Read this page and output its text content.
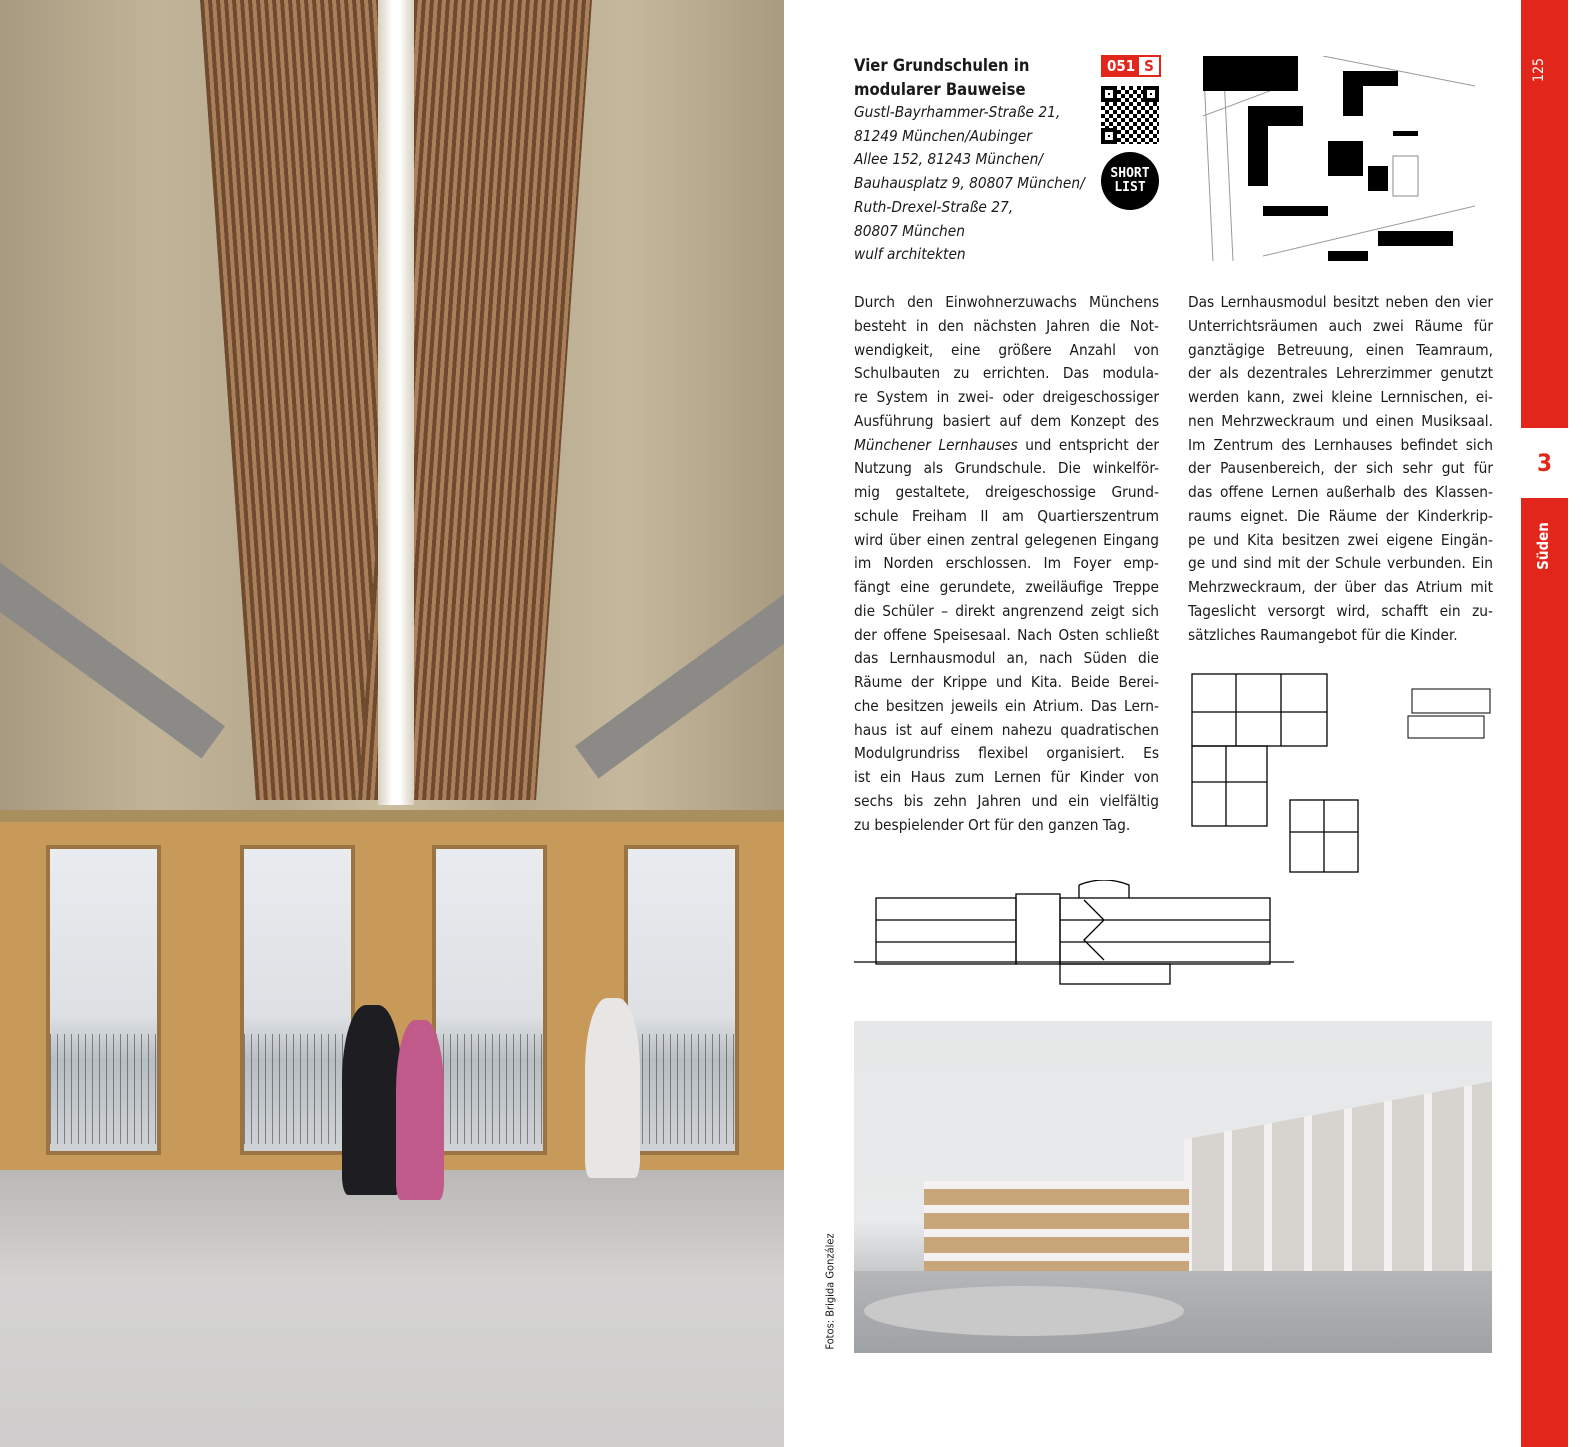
Vier Grundschulen in
modularer Bauweise
Gustl-Bayrhammer-Straße 21,
81249 München/Aubinger
Allee 152, 81243 München/
Bauhausplatz 9, 80807 München/
Ruth-Drexel-Straße 27,
80807 München
wulf architekten
051 S
SHORT
LIST
Durch den Einwohnerzuwachs Münchens
besteht in den nächsten Jahren die Not-
wendigkeit, eine größere Anzahl von
Schulbauten zu errichten. Das modula-
re System in zwei- oder dreigeschossiger
Ausführung basiert auf dem Konzept des
Münchener Lernhauses und entspricht der
Nutzung als Grundschule. Die winkelför-
mig gestaltete, dreigeschossige Grund-
schule Freiham II am Quartierszentrum
wird über einen zentral gelegenen Eingang
im Norden erschlossen. Im Foyer emp-
fängt eine gerundete, zweiläufige Treppe
die Schüler – direkt angrenzend zeigt sich
der offene Speisesaal. Nach Osten schließt
das Lernhausmodul an, nach Süden die
Räume der Krippe und Kita. Beide Berei-
che besitzen jeweils ein Atrium. Das Lern-
haus ist auf einem nahezu quadratischen
Modulgrundriss flexibel organisiert. Es
ist ein Haus zum Lernen für Kinder von
sechs bis zehn Jahren und ein vielfältig
zu bespielender Ort für den ganzen Tag.
Das Lernhausmodul besitzt neben den vier
Unterrichtsräumen auch zwei Räume für
ganztägige Betreuung, einen Teamraum,
der als dezentrales Lehrerzimmer genutzt
werden kann, zwei kleine Lernnischen, ei-
nen Mehrzweckraum und einen Musiksaal.
Im Zentrum des Lernhauses befindet sich
der Pausenbereich, der sich sehr gut für
das offene Lernen außerhalb des Klassen-
raums eignet. Die Räume der Kinderkrip-
pe und Kita besitzen zwei eigene Eingän-
ge und sind mit der Schule verbunden. Ein
Mehrzweckraum, der über das Atrium mit
Tageslicht versorgt wird, schafft ein zu-
sätzliches Raumangebot für die Kinder.
Fotos: Brigida González
125
3
Süden
